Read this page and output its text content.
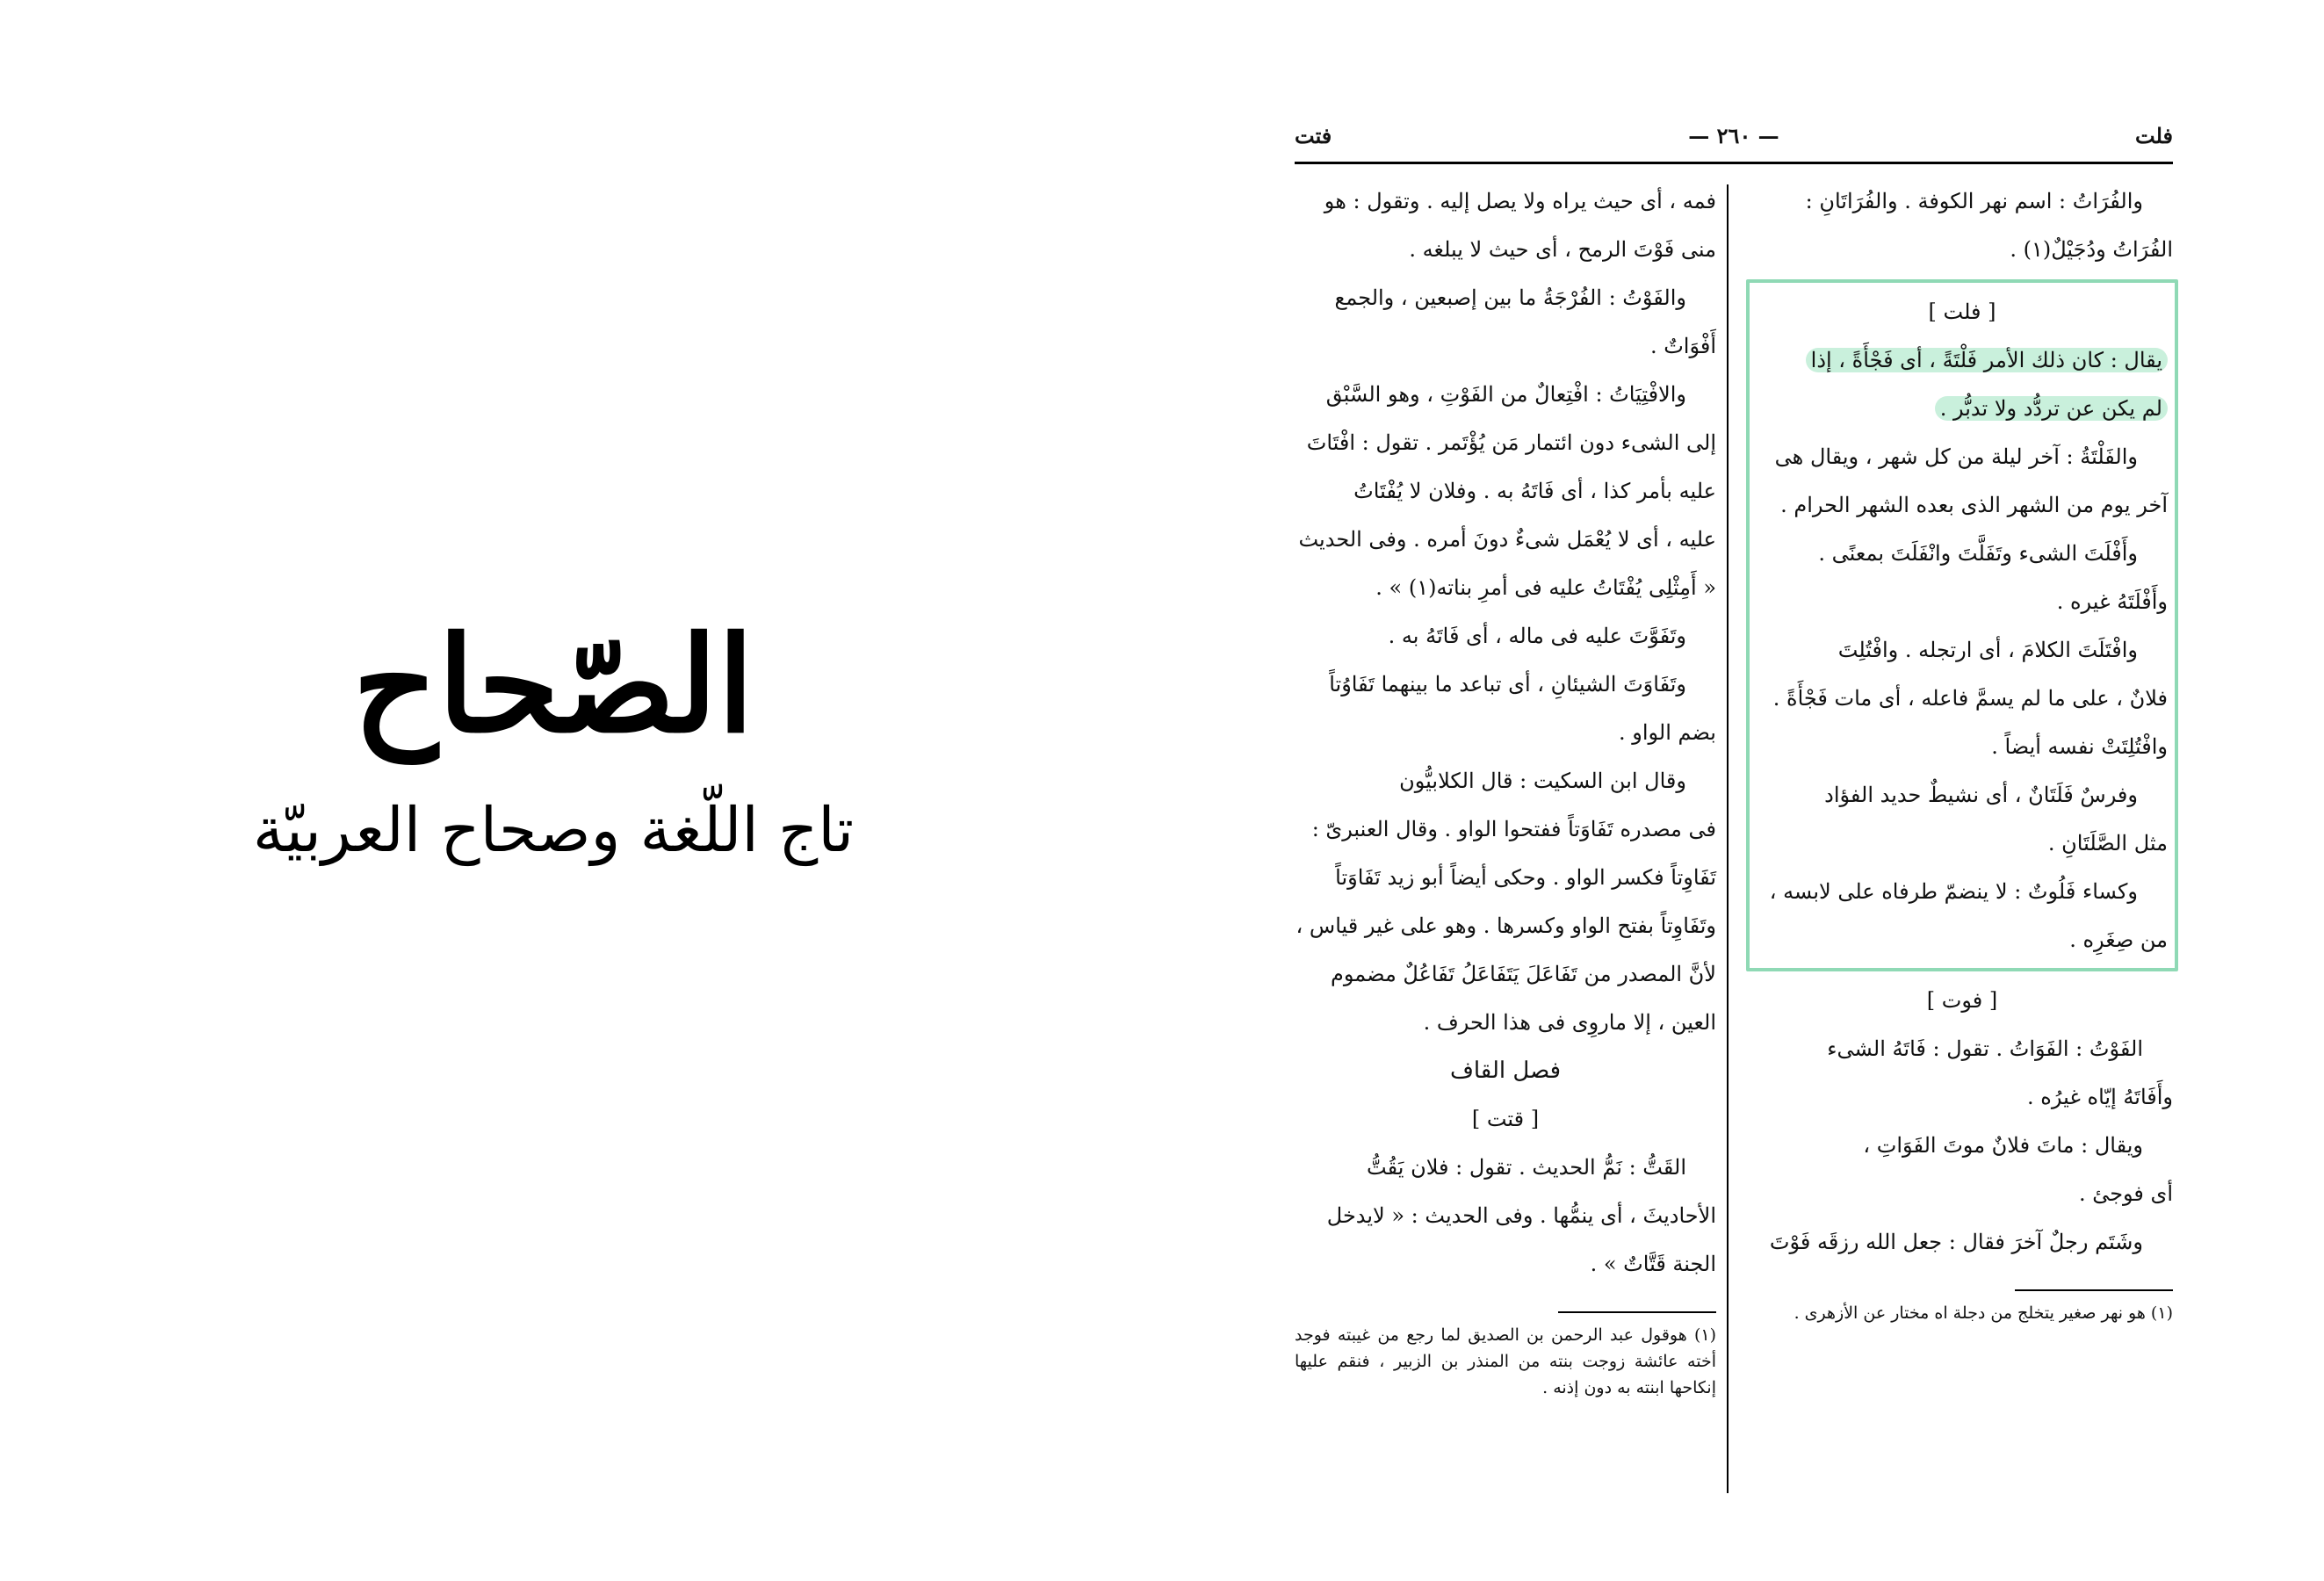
الصّحاح
تاج اللّغة وصحاح العربيّة
فلت
— ٢٦٠ —
فتت

والفُرَاتُ : اسم نهر الكوفة . والفُرَاتَانِ :

الفُرَاتُ ودُجَيْلٌ(١) .

[ فلت ]

يقال : كان ذلك الأمر فَلْتَةً ، أى فَجْأَةً ، إذا

لم يكن عن تردُّد ولا تدبُّر .

والفَلْتَةُ : آخر ليلة من كل شهر ، ويقال هى

آخر يوم من الشهر الذى بعده الشهر الحرام .

وأَفْلَتَ الشىء وتَفَلَّتَ وانْفَلَتَ بمعنًى .

وأَفْلَتَهُ غيره .

وافْتَلَتَ الكلامَ ، أى ارتجله . وافْتُلِتَ

فلانٌ ، على ما لم يسمَّ فاعله ، أى مات فَجْأَةً .

وافْتُلِتَتْ نفسه أيضاً .

وفرسٌ فَلَتَانٌ ، أى نشيطٌ حديد الفؤاد

مثل الصَّلَتَانِ .

وكساء فَلُوتٌ : لا ينضمّ طرفاه على لابسه ،

من صِغَرِه .

[ فوت ]

الفَوْتُ : الفَوَاتُ . تقول : فَاتَهُ الشىء

وأَفَاتَهُ إيّاه غيرُه .

ويقال : ماتَ فلانٌ موتَ الفَوَاتِ ،

أى فوجئ .

وشَتَم رجلٌ آخرَ فقال : جعل الله رزقَه فَوْتَ

(١) هو نهر صغير يتخلج من دجلة اه مختار عن الأزهرى .

فمه ، أى حيث يراه ولا يصل إليه . وتقول : هو

منى فَوْتَ الرمح ، أى حيث لا يبلغه .

والفَوْتُ : الفُرْجَةُ ما بين إصبعين ، والجمع

أَفْوَاتٌ .

والافْتِيَاتُ : افْتِعالٌ من الفَوْتِ ، وهو السَّبْق

إلى الشىء دون ائتمار مَن يُؤْتَمر . تقول : افْتَاتَ

عليه بأمر كذا ، أى فَاتَهُ به . وفلان لا يُفْتَاتُ

عليه ، أى لا يُعْمَل شىءٌ دونَ أمره . وفى الحديث

« أَمِثْلِى يُفْتَاتُ عليه فى أمرِ بناته(١) » .

وتَفَوَّتَ عليه فى ماله ، أى فَاتَهُ به .

وتَفَاوَتَ الشيئانِ ، أى تباعد ما بينهما تَفَاوُتاً

بضم الواو .

وقال ابن السكيت : قال الكلابيُّون

فى مصدره تَفَاوَتاً ففتحوا الواو . وقال العنبرىّ :

تَفَاوِتاً فكسر الواو . وحكى أيضاً أبو زيد تَفَاوَتاً

وتَفَاوِتاً بفتح الواو وكسرها . وهو على غير قياس ،

لأنَّ المصدر من تَفَاعَلَ يَتَفَاعَلُ تَفَاعُلٌ مضموم

العين ، إلا ماروِى فى هذا الحرف .

فصل القاف

[ قتت ]

القَتُّ : نَمُّ الحديث . تقول : فلان يَقُتُّ

الأحاديثَ ، أى ينمُّها . وفى الحديث : « لايدخل

الجنة قَتَّاتٌ » .

(١) هوقول عبد الرحمن بن الصديق لما رجع من غيبته فوجد أخته عائشة زوجت بنته من المنذر بن الزبير ، فنقم عليها إنكاحها ابنته به دون إذنه .
